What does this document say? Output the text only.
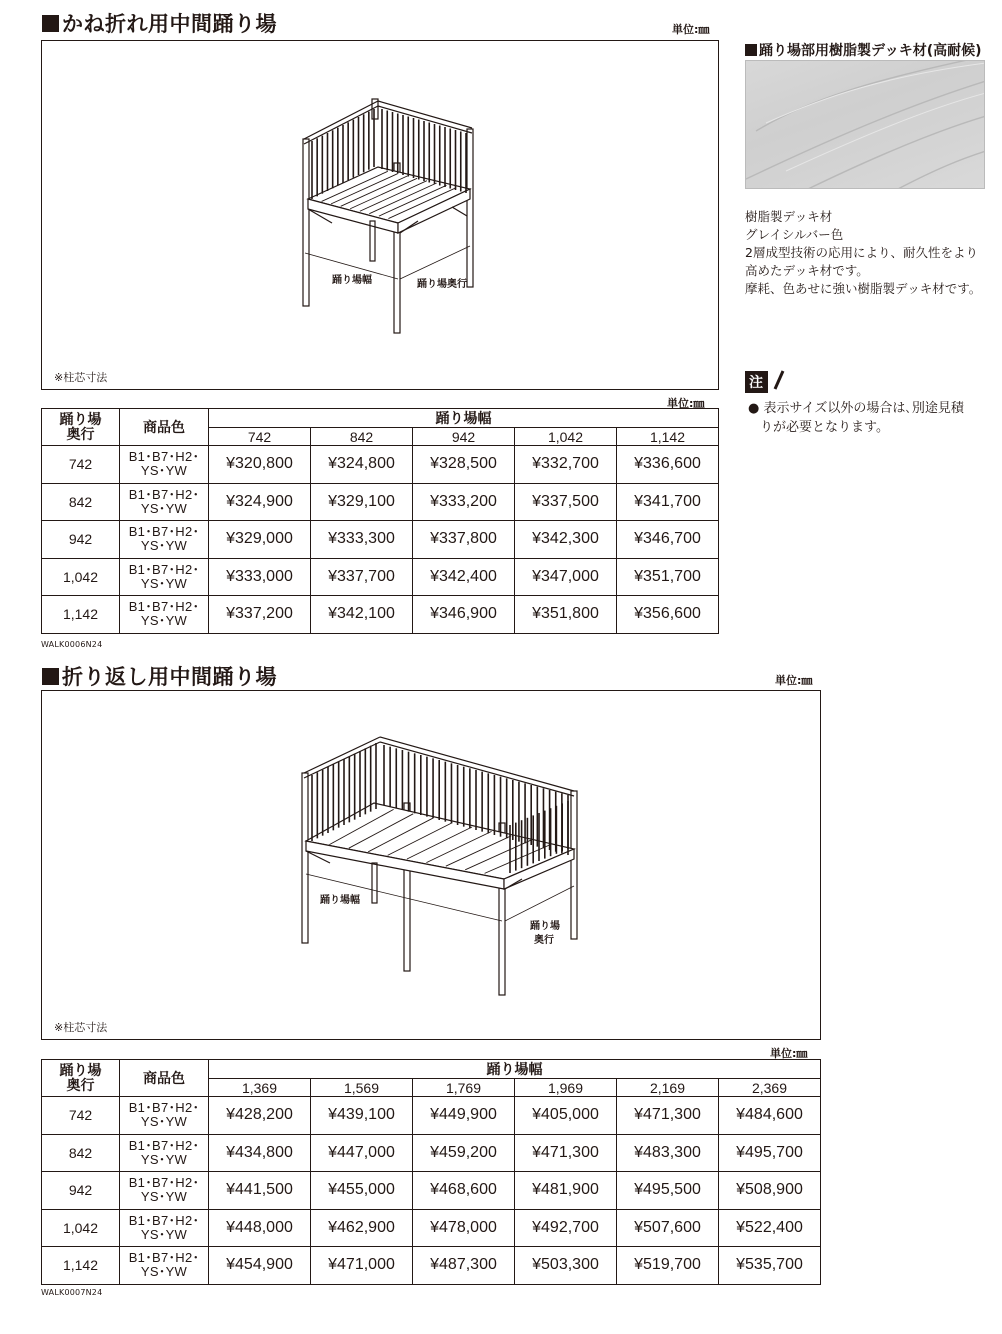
かね折れ用中間踊り場	単位:㎜
踊り場幅	踊り場奥行
※柱芯寸法
単位:㎜
踊り場
奥行	商品色	踊り場幅				
		742	842	942	1,042	1,142
742	B1･B7･H2･
YS･YW	¥320,800	¥324,800	¥328,500	¥332,700	¥336,600
842	B1･B7･H2･
YS･YW	¥324,900	¥329,100	¥333,200	¥337,500	¥341,700
942	B1･B7･H2･
YS･YW	¥329,000	¥333,300	¥337,800	¥342,300	¥346,700
1,042	B1･B7･H2･
YS･YW	¥333,000	¥337,700	¥342,400	¥347,000	¥351,700
1,142	B1･B7･H2･
YS･YW	¥337,200	¥342,100	¥346,900	¥351,800	¥356,600
WALK0006N24
折り返し用中間踊り場	単位:㎜
踊り場幅
踊り場
奥行
※柱芯寸法
単位:㎜
踊り場
奥行	商品色	踊り場幅					
		1,369	1,569	1,769	1,969	2,169	2,369
742	B1･B7･H2･
YS･YW	¥428,200	¥439,100	¥449,900	¥405,000	¥471,300	¥484,600
842	B1･B7･H2･
YS･YW	¥434,800	¥447,000	¥459,200	¥471,300	¥483,300	¥495,700
942	B1･B7･H2･
YS･YW	¥441,500	¥455,000	¥468,600	¥481,900	¥495,500	¥508,900
1,042	B1･B7･H2･
YS･YW	¥448,000	¥462,900	¥478,000	¥492,700	¥507,600	¥522,400
1,142	B1･B7･H2･
YS･YW	¥454,900	¥471,000	¥487,300	¥503,300	¥519,700	¥535,700
WALK0007N24
踊り場部用樹脂製デッキ材(高耐候)
樹脂製デッキ材
グレイシルバー色
2層成型技術の応用により、耐久性をより
高めたデッキ材です。
摩耗、色あせに強い樹脂製デッキ材です。
注
● 表示サイズ以外の場合は､別途見積
りが必要となります。
